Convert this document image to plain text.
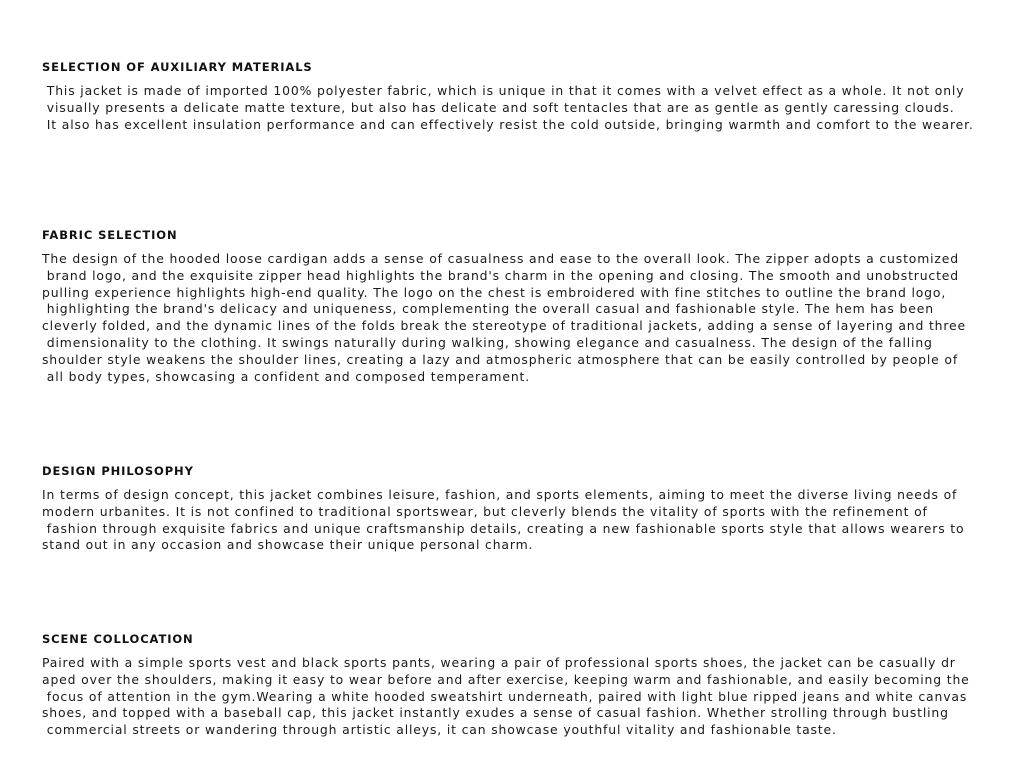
SELECTION OF AUXILIARY MATERIALS
This jacket is made of imported 100% polyester fabric, which is unique in that it comes with a velvet effect as a whole. It not only
visually presents a delicate matte texture, but also has delicate and soft tentacles that are as gentle as gently caressing clouds.
It also has excellent insulation performance and can effectively resist the cold outside, bringing warmth and comfort to the wearer.
FABRIC SELECTION
The design of the hooded loose cardigan adds a sense of casualness and ease to the overall look. The zipper adopts a customized
brand logo, and the exquisite zipper head highlights the brand's charm in the opening and closing. The smooth and unobstructed
pulling experience highlights high-end quality. The logo on the chest is embroidered with fine stitches to outline the brand logo,
highlighting the brand's delicacy and uniqueness, complementing the overall casual and fashionable style. The hem has been
cleverly folded, and the dynamic lines of the folds break the stereotype of traditional jackets, adding a sense of layering and three
dimensionality to the clothing. It swings naturally during walking, showing elegance and casualness. The design of the falling
shoulder style weakens the shoulder lines, creating a lazy and atmospheric atmosphere that can be easily controlled by people of
all body types, showcasing a confident and composed temperament.
DESIGN PHILOSOPHY
In terms of design concept, this jacket combines leisure, fashion, and sports elements, aiming to meet the diverse living needs of
modern urbanites. It is not confined to traditional sportswear, but cleverly blends the vitality of sports with the refinement of
fashion through exquisite fabrics and unique craftsmanship details, creating a new fashionable sports style that allows wearers to
stand out in any occasion and showcase their unique personal charm.
SCENE COLLOCATION
Paired with a simple sports vest and black sports pants, wearing a pair of professional sports shoes, the jacket can be casually dr
aped over the shoulders, making it easy to wear before and after exercise, keeping warm and fashionable, and easily becoming the
focus of attention in the gym.Wearing a white hooded sweatshirt underneath, paired with light blue ripped jeans and white canvas
shoes, and topped with a baseball cap, this jacket instantly exudes a sense of casual fashion. Whether strolling through bustling
commercial streets or wandering through artistic alleys, it can showcase youthful vitality and fashionable taste.
